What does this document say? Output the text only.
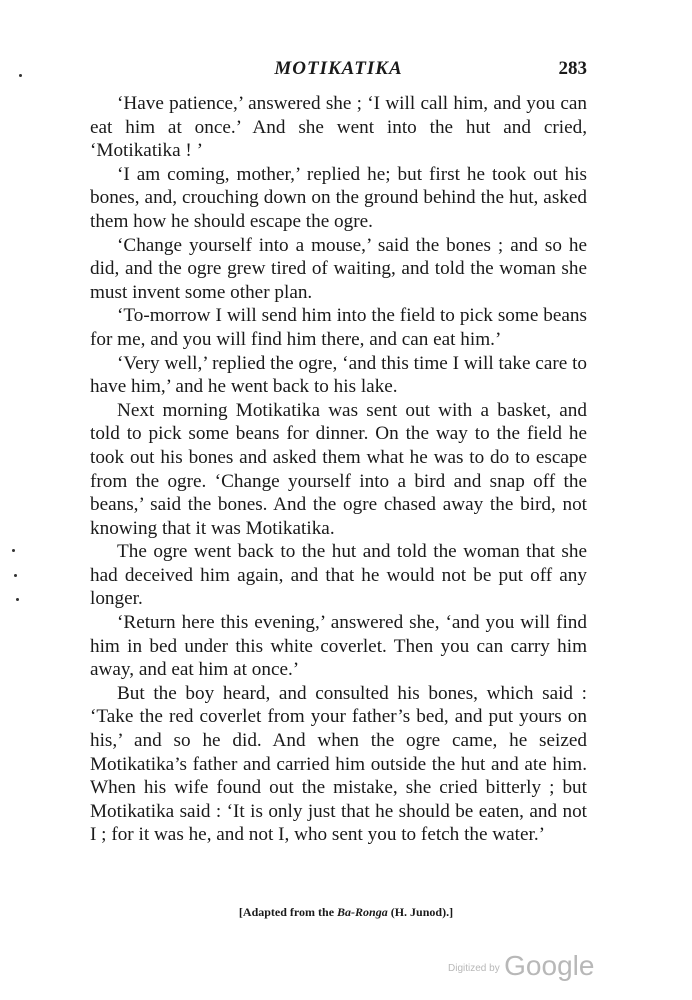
MOTIKATIKA	283

‘Have patience,’ answered she ; ‘I will call him, and you can eat him at once.’ And she went into the hut and cried, ‘Motikatika ! ’

‘I am coming, mother,’ replied he; but first he took out his bones, and, crouching down on the ground behind the hut, asked them how he should escape the ogre.

‘Change yourself into a mouse,’ said the bones ; and so he did, and the ogre grew tired of waiting, and told the woman she must invent some other plan.

‘To-morrow I will send him into the field to pick some beans for me, and you will find him there, and can eat him.’

‘Very well,’ replied the ogre, ‘and this time I will take care to have him,’ and he went back to his lake.

Next morning Motikatika was sent out with a basket, and told to pick some beans for dinner. On the way to the field he took out his bones and asked them what he was to do to escape from the ogre. ‘Change yourself into a bird and snap off the beans,’ said the bones. And the ogre chased away the bird, not knowing that it was Motikatika.

The ogre went back to the hut and told the woman that she had deceived him again, and that he would not be put off any longer.

‘Return here this evening,’ answered she, ‘and you will find him in bed under this white coverlet. Then you can carry him away, and eat him at once.’

But the boy heard, and consulted his bones, which said : ‘Take the red coverlet from your father’s bed, and put yours on his,’ and so he did. And when the ogre came, he seized Motikatika’s father and carried him outside the hut and ate him. When his wife found out the mistake, she cried bitterly ; but Motikatika said : ‘It is only just that he should be eaten, and not I ; for it was he, and not I, who sent you to fetch the water.’

[Adapted from the Ba-Ronga (H. Junod).]
$^{Digitized by}$ Google
